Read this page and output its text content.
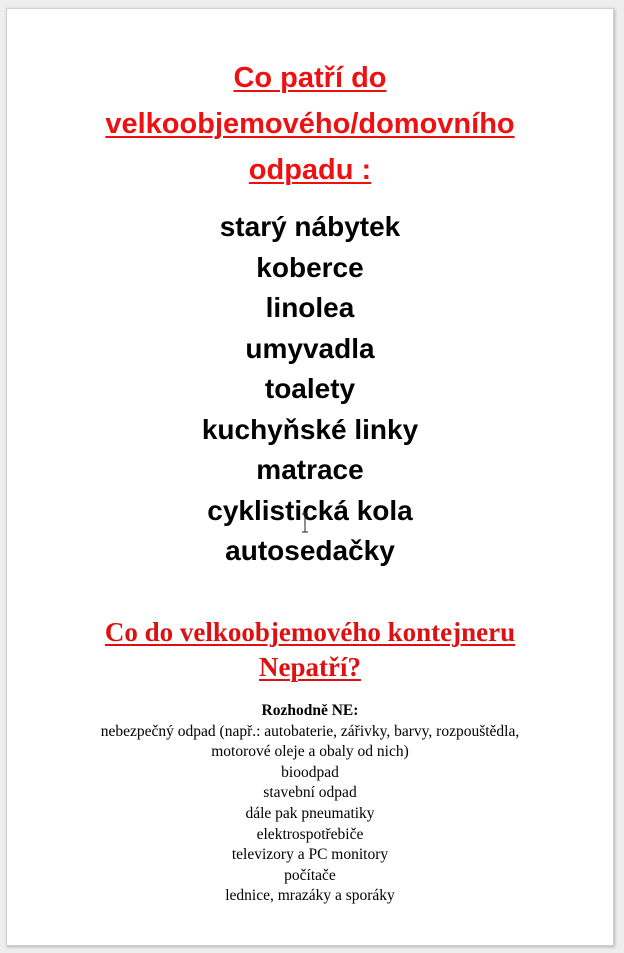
Co patří do
velkoobjemového/domovního
odpadu :
starý nábytek
koberce
linolea
umyvadla
toalety
kuchyňské linky
matrace
cyklistická kola
autosedačky
Co do velkoobjemového kontejneru
Nepatří?
Rozhodně NE:
nebezpečný odpad (např.: autobaterie, zářivky, barvy, rozpouštědla,
motorové oleje a obaly od nich)
bioodpad
stavební odpad
dále pak pneumatiky
elektrospotřebiče
televizory a PC monitory
počítače
lednice, mrazáky a sporáky
